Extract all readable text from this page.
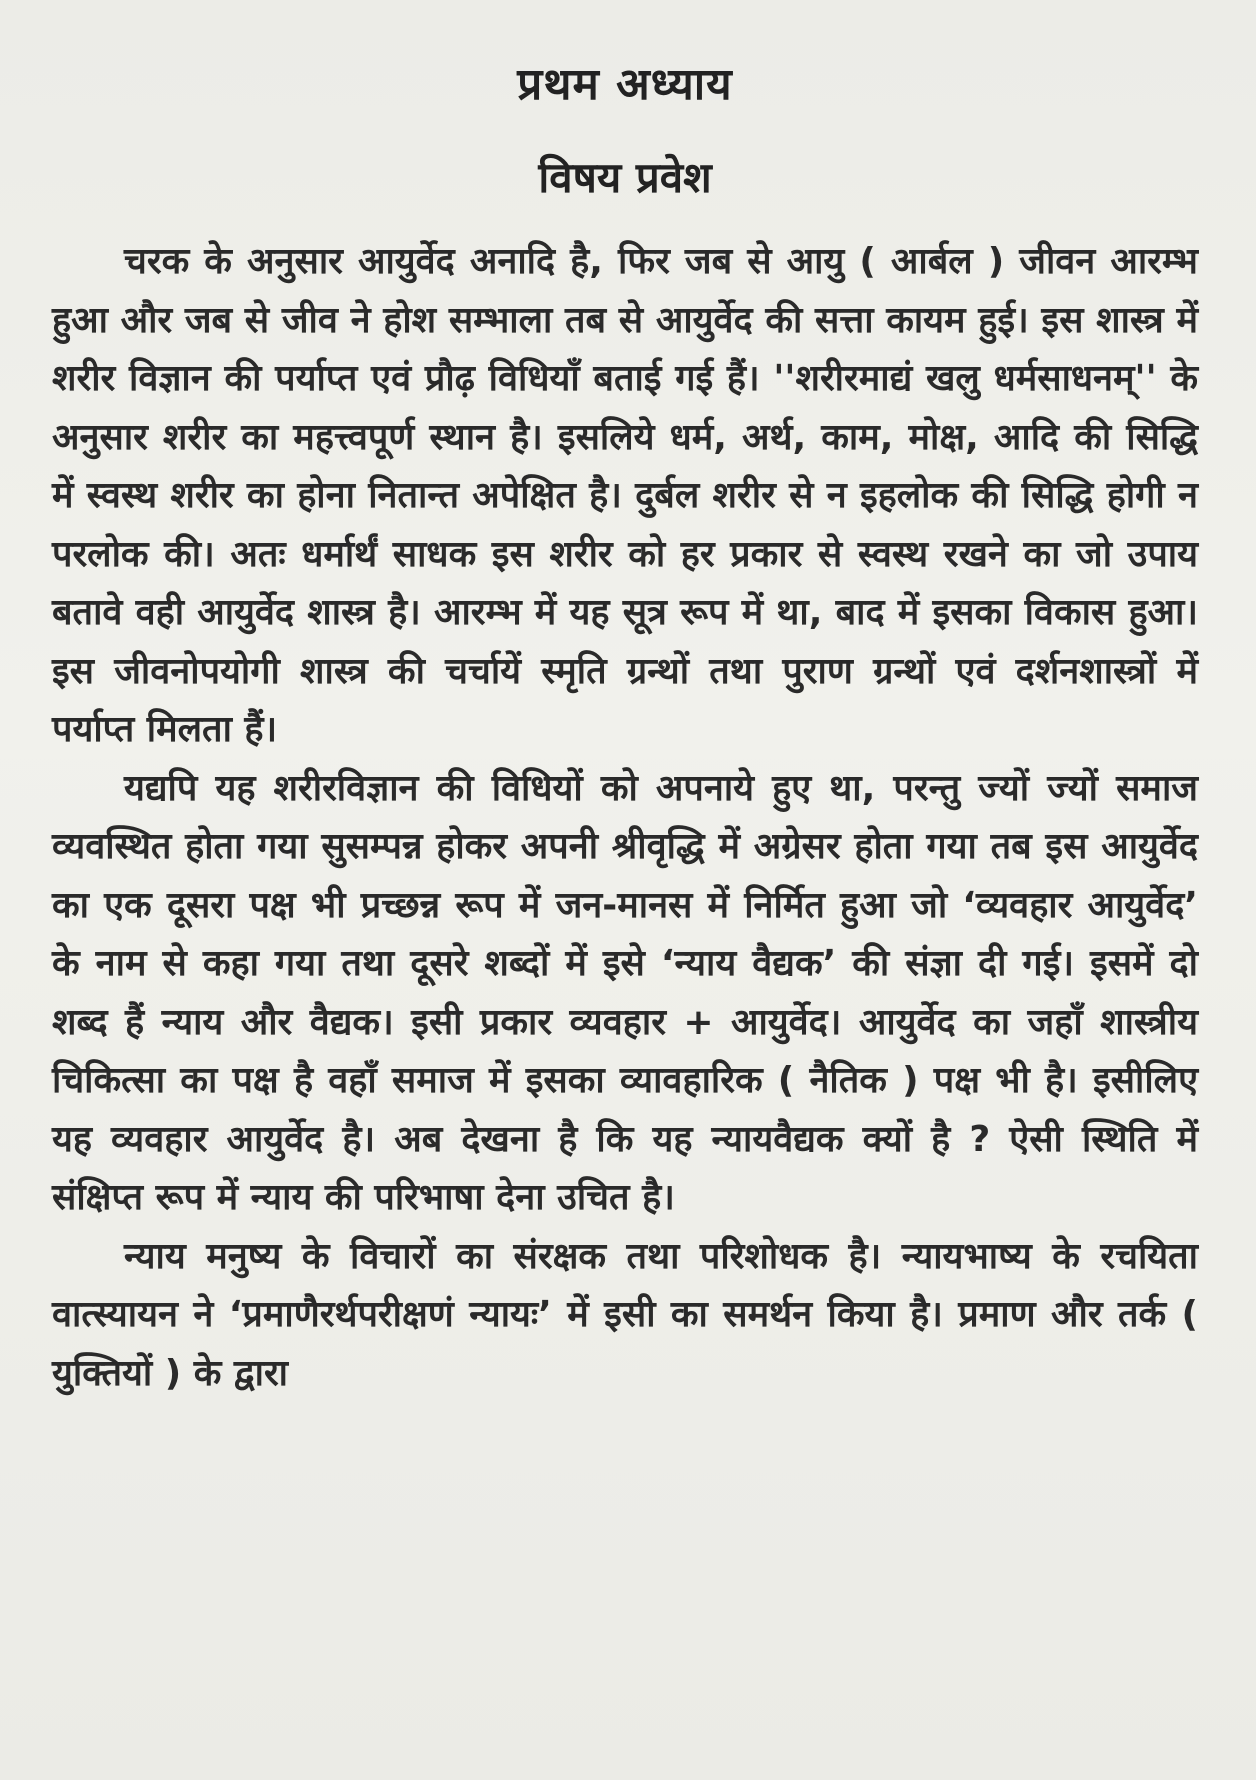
प्रथम अध्याय
विषय प्रवेश

चरक के अनुसार आयुर्वेद अनादि है, फिर जब से आयु ( आर्बल ) जीवन आरम्भ हुआ और जब से जीव ने होश सम्भाला तब से आयुर्वेद की सत्ता कायम हुई। इस शास्त्र में शरीर विज्ञान की पर्याप्त एवं प्रौढ़ विधियाँ बताई गई हैं। ''शरीरमाद्यं खलु धर्मसाधनम्'' के अनुसार शरीर का महत्त्वपूर्ण स्थान है। इसलिये धर्म, अर्थ, काम, मोक्ष, आदि की सिद्धि में स्वस्थ शरीर का होना नितान्त अपेक्षित है। दुर्बल शरीर से न इहलोक की सिद्धि होगी न परलोक की। अतः धर्मार्थं साधक इस शरीर को हर प्रकार से स्वस्थ रखने का जो उपाय बतावे वही आयुर्वेद शास्त्र है। आरम्भ में यह सूत्र रूप में था, बाद में इसका विकास हुआ। इस जीवनोपयोगी शास्त्र की चर्चायें स्मृति ग्रन्थों तथा पुराण ग्रन्थों एवं दर्शनशास्त्रों में पर्याप्त मिलता हैं।

यद्यपि यह शरीरविज्ञान की विधियों को अपनाये हुए था, परन्तु ज्यों ज्यों समाज व्यवस्थित होता गया सुसम्पन्न होकर अपनी श्रीवृद्धि में अग्रेसर होता गया तब इस आयुर्वेद का एक दूसरा पक्ष भी प्रच्छन्न रूप में जन-मानस में निर्मित हुआ जो ‘व्यवहार आयुर्वेद’ के नाम से कहा गया तथा दूसरे शब्दों में इसे ‘न्याय वैद्यक’ की संज्ञा दी गई। इसमें दो शब्द हैं न्याय और वैद्यक। इसी प्रकार व्यवहार + आयुर्वेद। आयुर्वेद का जहाँ शास्त्रीय चिकित्सा का पक्ष है वहाँ समाज में इसका व्यावहारिक ( नैतिक ) पक्ष भी है। इसीलिए यह व्यवहार आयुर्वेद है। अब देखना है कि यह न्यायवैद्यक क्यों है ? ऐसी स्थिति में संक्षिप्त रूप में न्याय की परिभाषा देना उचित है।

न्याय मनुष्य के विचारों का संरक्षक तथा परिशोधक है। न्यायभाष्य के रचयिता वात्स्यायन ने ‘प्रमाणैरर्थपरीक्षणं न्यायः’ में इसी का समर्थन किया है। प्रमाण और तर्क ( युक्तियों ) के द्वारा
